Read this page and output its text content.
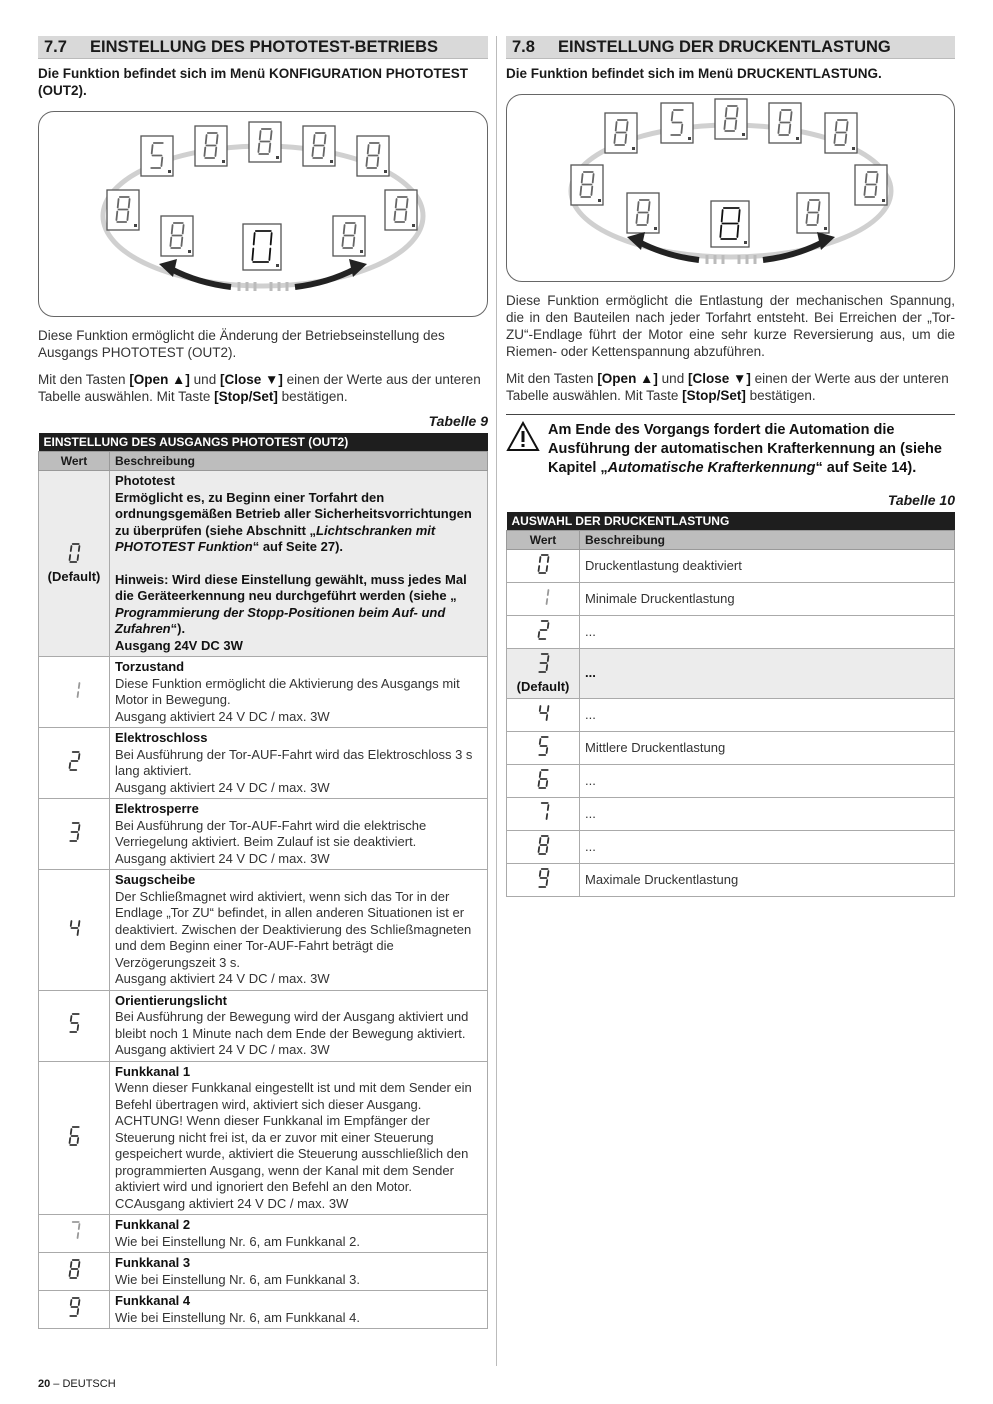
7.7	EINSTELLUNG DES PHOTOTEST-BETRIEBS
Die Funktion befindet sich im Menü KONFIGURATION PHOTOTEST (OUT2).
Diese Funktion ermöglicht die Änderung der Betriebseinstellung des Ausgangs PHOTOTEST (OUT2).
Mit den Tasten [Open ▲] und [Close ▼] einen der Werte aus der unteren Tabelle auswählen. Mit Taste [Stop/Set] bestätigen.
Tabelle 9
EINSTELLUNG DES AUSGANGS PHOTOTEST (OUT2)	
Wert	Beschreibung

(Default)	Phototest
Ermöglicht es, zu Beginn einer Torfahrt den ordnungsgemäßen Betrieb aller Sicherheitsvorrichtungen zu überprüfen (siehe Abschnitt „Lichtschranken mit PHOTOTEST Funktion“ auf Seite 27).
Hinweis: Wird diese Einstellung gewählt, muss jedes Mal die Geräteerkennung neu durchgeführt werden (siehe „ Programmierung der Stopp-Positionen beim Auf- und Zufahren“).
Ausgang 24V DC 3W

Torzustand
Diese Funktion ermöglicht die Aktivierung des Ausgangs mit Motor in Bewegung.
Ausgang aktiviert 24 V DC / max. 3W

Elektroschloss
Bei Ausführung der Tor-AUF-Fahrt wird das Elektroschloss 3 s lang aktiviert.
Ausgang aktiviert 24 V DC / max. 3W

Elektrosperre
Bei Ausführung der Tor-AUF-Fahrt wird die elektrische Verriegelung aktiviert. Beim Zulauf ist sie deaktiviert.
Ausgang aktiviert 24 V DC / max. 3W

Saugscheibe
Der Schließmagnet wird aktiviert, wenn sich das Tor in der Endlage „Tor ZU“ befindet, in allen anderen Situationen ist er deaktiviert. Zwischen der Deaktivierung des Schließmagneten und dem Beginn einer Tor-AUF-Fahrt beträgt die Verzögerungszeit 3 s.
Ausgang aktiviert 24 V DC / max. 3W

Orientierungslicht
Bei Ausführung der Bewegung wird der Ausgang aktiviert und bleibt noch 1 Minute nach dem Ende der Bewegung aktiviert.
Ausgang aktiviert 24 V DC / max. 3W

Funkkanal 1
Wenn dieser Funkkanal eingestellt ist und mit dem Sender ein Befehl übertragen wird, aktiviert sich dieser Ausgang. ACHTUNG! Wenn dieser Funkkanal im Empfänger der Steuerung nicht frei ist, da er zuvor mit einer Steuerung gespeichert wurde, aktiviert die Steuerung ausschließlich den programmierten Ausgang, wenn der Kanal mit dem Sender aktiviert wird und ignoriert den Befehl an den Motor.
CCAusgang aktiviert 24 V DC / max. 3W

Funkkanal 2
Wie bei Einstellung Nr. 6, am Funkkanal 2.

Funkkanal 3
Wie bei Einstellung Nr. 6, am Funkkanal 3.

Funkkanal 4
Wie bei Einstellung Nr. 6, am Funkkanal 4.
7.8	EINSTELLUNG DER DRUCKENTLASTUNG
Die Funktion befindet sich im Menü DRUCKENTLASTUNG.
Diese Funktion ermöglicht die Entlastung der mechanischen Spannung, die in den Bauteilen nach jeder Torfahrt entsteht. Bei Erreichen der „Tor-ZU“-Endlage führt der Motor eine sehr kurze Reversierung aus, um die Riemen- oder Kettenspannung abzuführen.
Mit den Tasten [Open ▲] und [Close ▼] einen der Werte aus der unteren Tabelle auswählen. Mit Taste [Stop/Set] bestätigen.
Am Ende des Vorgangs fordert die Automation die Ausführung der automatischen Krafterkennung an (siehe Kapitel „Automatische Krafterkennung“ auf Seite 14).
Tabelle 10
AUSWAHL DER DRUCKENTLASTUNG	
Wert	Beschreibung
	Druckentlastung deaktiviert
	Minimale Druckentlastung
	...

(Default)	...
	...
	Mittlere Druckentlastung
	...
	...
	...
	Maximale Druckentlastung
20 – DEUTSCH
